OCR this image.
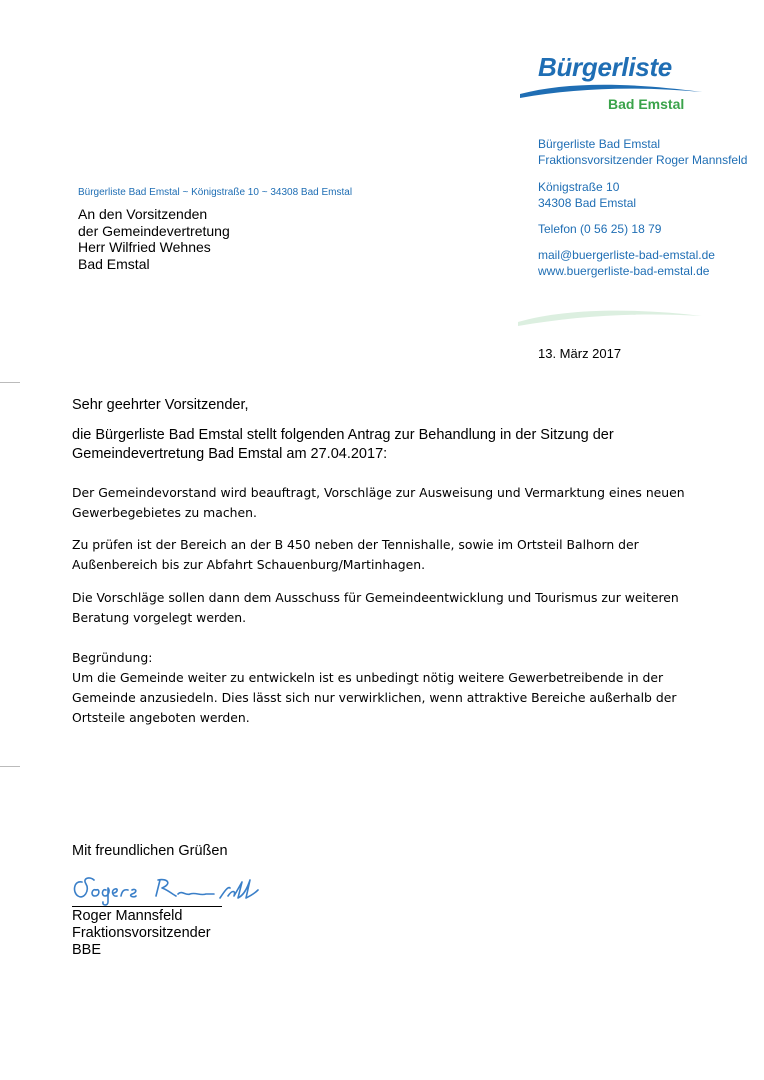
Bürgerliste
Bad Emstal
Bürgerliste Bad Emstal
Fraktionsvorsitzender Roger Mannsfeld
Königstraße 10
34308 Bad Emstal
Telefon (0 56 25) 18 79
mail@buergerliste-bad-emstal.de
www.buergerliste-bad-emstal.de
Bürgerliste Bad Emstal ~ Königstraße 10 ~ 34308 Bad Emstal
An den Vorsitzenden
der Gemeindevertretung
Herr Wilfried Wehnes
Bad Emstal
13. März 2017
Sehr geehrter Vorsitzender,
die Bürgerliste Bad Emstal stellt folgenden Antrag zur Behandlung in der Sitzung der
Gemeindevertretung Bad Emstal am 27.04.2017:
Der Gemeindevorstand wird beauftragt, Vorschläge zur Ausweisung und Vermarktung eines neuen
Gewerbegebietes zu machen.
Zu prüfen ist der Bereich an der B 450 neben der Tennishalle, sowie im Ortsteil Balhorn der
Außenbereich bis zur Abfahrt Schauenburg/Martinhagen.
Die Vorschläge sollen dann dem Ausschuss für Gemeindeentwicklung und Tourismus zur weiteren
Beratung vorgelegt werden.
Begründung:
Um die Gemeinde weiter zu entwickeln ist es unbedingt nötig weitere Gewerbetreibende in der
Gemeinde anzusiedeln. Dies lässt sich nur verwirklichen, wenn attraktive Bereiche außerhalb der
Ortsteile angeboten werden.
Mit freundlichen Grüßen
Roger Mannsfeld
Fraktionsvorsitzender
BBE
